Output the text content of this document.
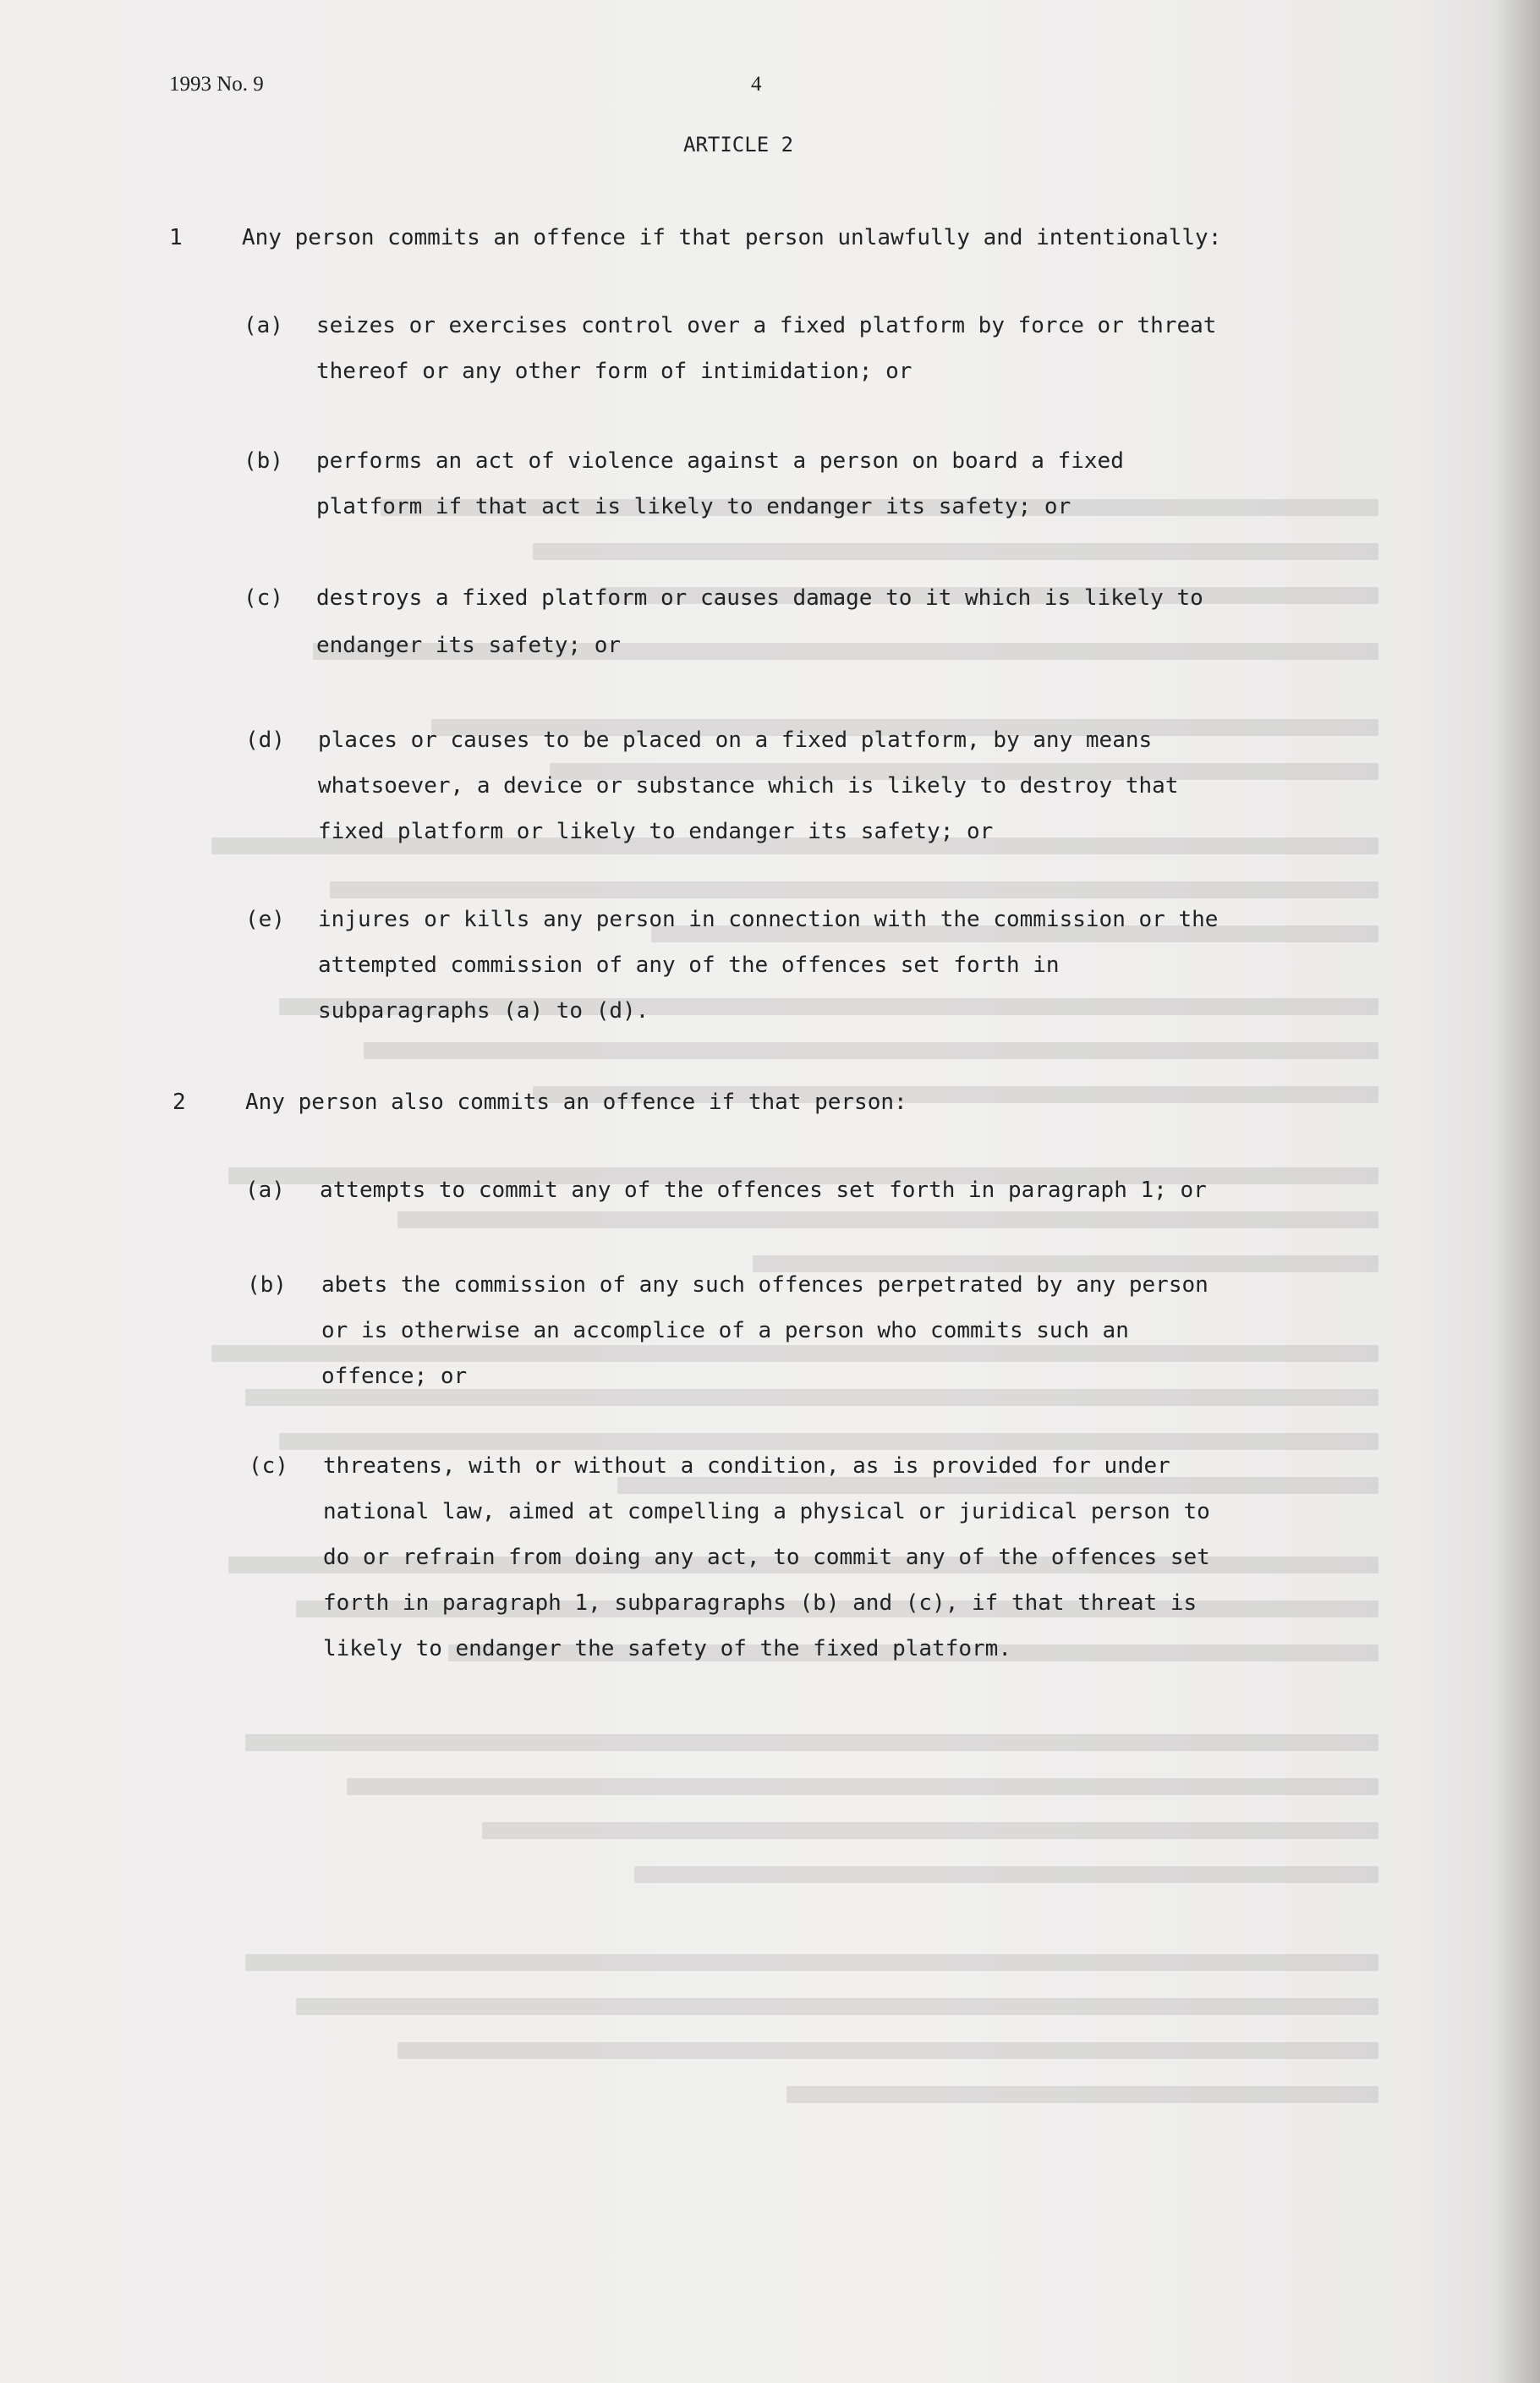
1993 No. 9	4
ARTICLE 2
1	Any person commits an offence if that person unlawfully and intentionally:
(a) seizes or exercises control over a fixed platform by force or threat
thereof or any other form of intimidation; or
(b) performs an act of violence against a person on board a fixed
platform if that act is likely to endanger its safety; or
(c) destroys a fixed platform or causes damage to it which is likely to
endanger its safety; or
(d) places or causes to be placed on a fixed platform, by any means
whatsoever, a device or substance which is likely to destroy that
fixed platform or likely to endanger its safety; or
(e) injures or kills any person in connection with the commission or the
attempted commission of any of the offences set forth in
subparagraphs (a) to (d).
2	Any person also commits an offence if that person:
(a) attempts to commit any of the offences set forth in paragraph 1; or
(b) abets the commission of any such offences perpetrated by any person
or is otherwise an accomplice of a person who commits such an
offence; or
(c) threatens, with or without a condition, as is provided for under
national law, aimed at compelling a physical or juridical person to
do or refrain from doing any act, to commit any of the offences set
forth in paragraph 1, subparagraphs (b) and (c), if that threat is
likely to endanger the safety of the fixed platform.
